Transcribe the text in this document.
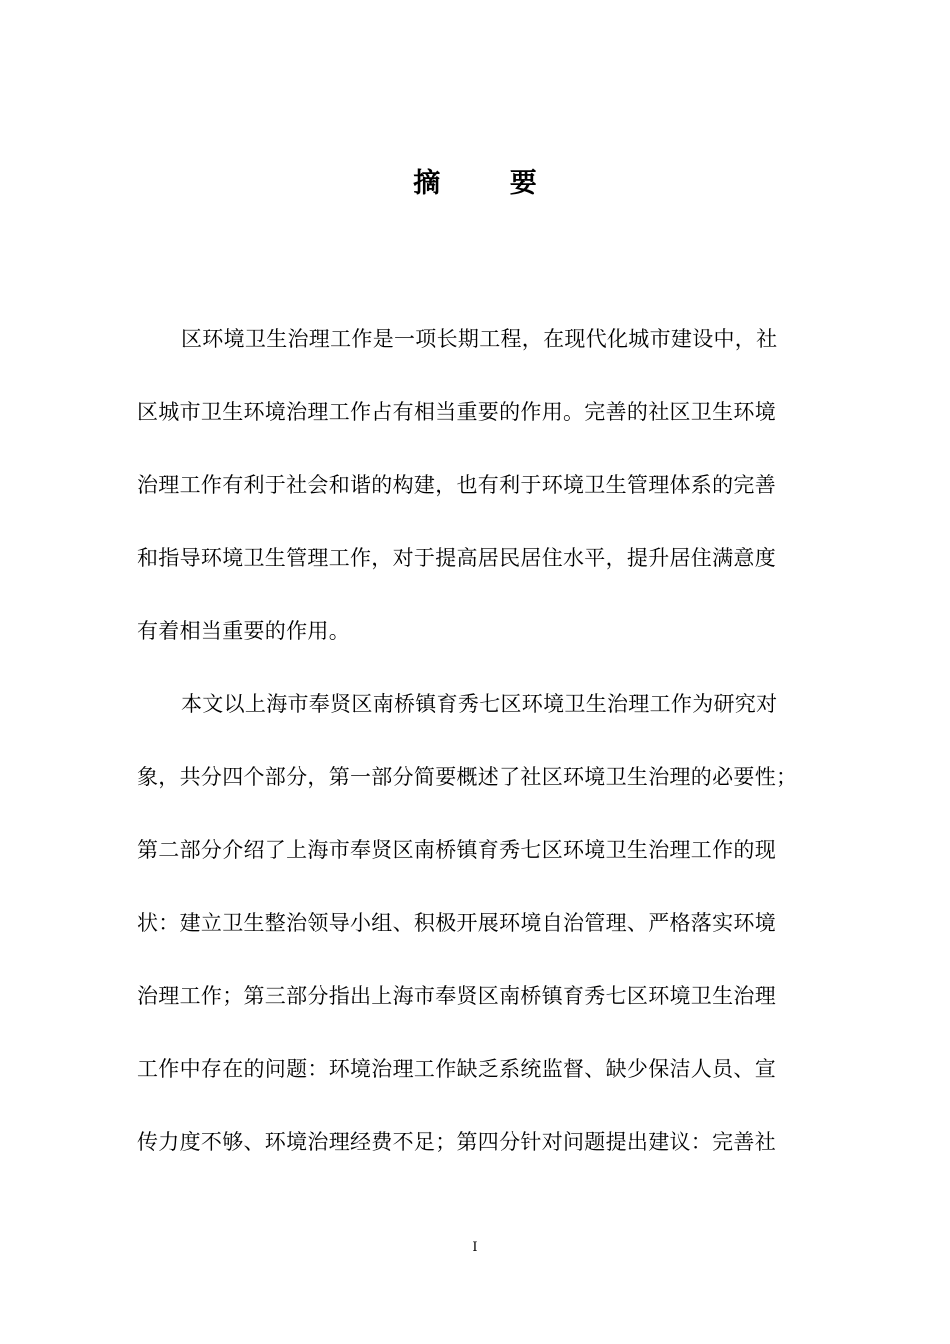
摘 要
区环境卫生治理工作是一项长期工程，在现代化城市建设中，社
区城市卫生环境治理工作占有相当重要的作用。完善的社区卫生环境
治理工作有利于社会和谐的构建，也有利于环境卫生管理体系的完善
和指导环境卫生管理工作，对于提高居民居住水平，提升居住满意度
有着相当重要的作用。
本文以上海市奉贤区南桥镇育秀七区环境卫生治理工作为研究对
象，共分四个部分，第一部分简要概述了社区环境卫生治理的必要性；
第二部分介绍了上海市奉贤区南桥镇育秀七区环境卫生治理工作的现
状：建立卫生整治领导小组、积极开展环境自治管理、严格落实环境
治理工作；第三部分指出上海市奉贤区南桥镇育秀七区环境卫生治理
工作中存在的问题：环境治理工作缺乏系统监督、缺少保洁人员、宣
传力度不够、环境治理经费不足；第四分针对问题提出建议：完善社
I
